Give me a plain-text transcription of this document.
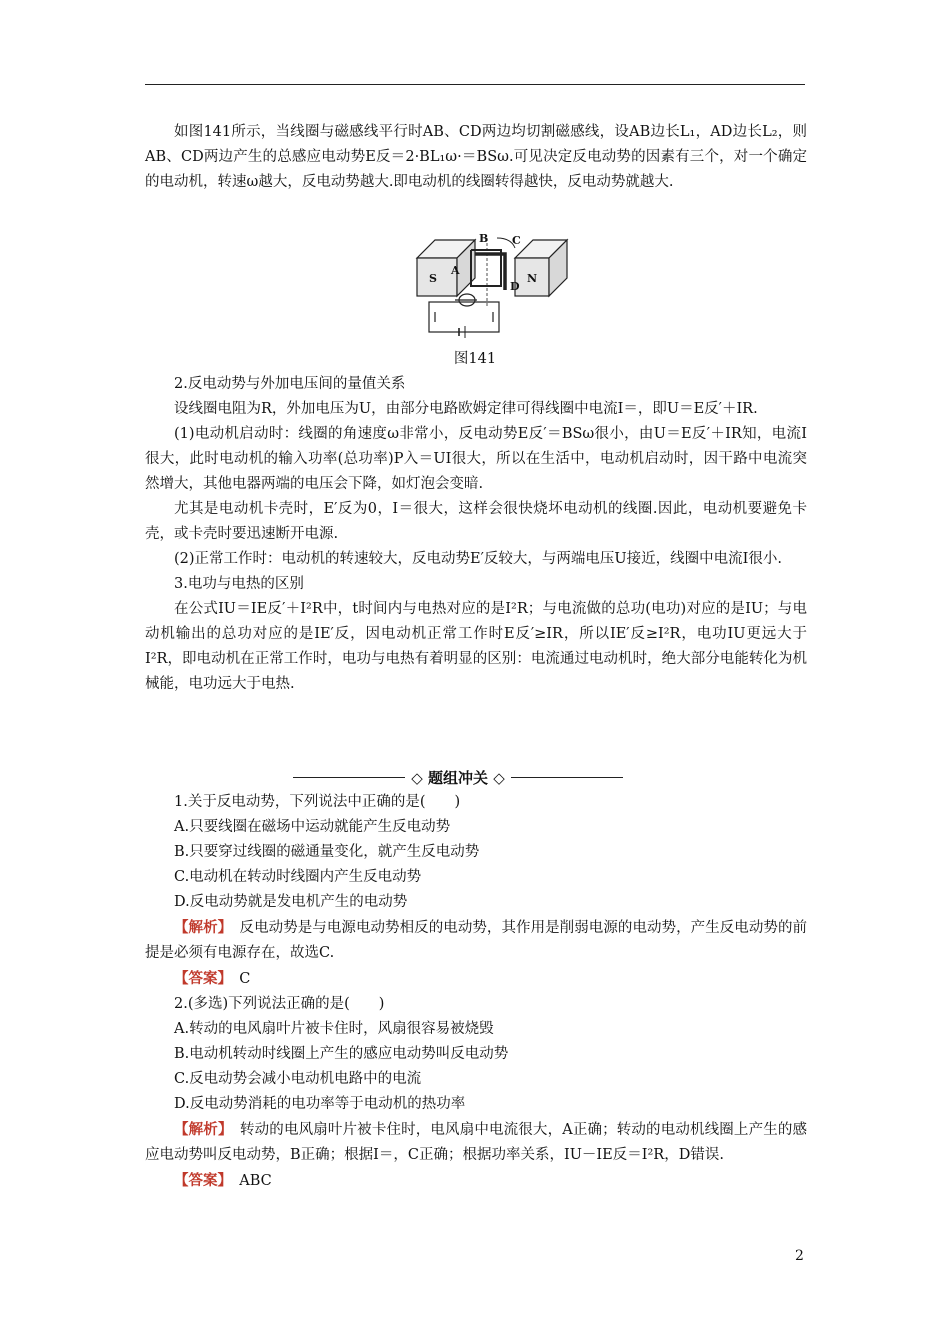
如图141所示，当线圈与磁感线平行时AB、CD两边均切割磁感线，设AB边长L₁，AD边长L₂，则AB、CD两边产生的总感应电动势E反＝2·BL₁ω·＝BSω.可见决定反电动势的因素有三个，对一个确定的电动机，转速ω越大，反电动势越大.即电动机的线圈转得越快，反电动势就越大.

S	N
A
B C
D
图141

2.反电动势与外加电压间的量值关系

设线圈电阻为R，外加电压为U，由部分电路欧姆定律可得线圈中电流I＝，即U＝E反′＋IR.

(1)电动机启动时：线圈的角速度ω非常小，反电动势E反′＝BSω很小，由U＝E反′＋IR知，电流I很大，此时电动机的输入功率(总功率)P入＝UI很大，所以在生活中，电动机启动时，因干路中电流突然增大，其他电器两端的电压会下降，如灯泡会变暗.

尤其是电动机卡壳时，E′反为0，I＝很大，这样会很快烧坏电动机的线圈.因此，电动机要避免卡壳，或卡壳时要迅速断开电源.

(2)正常工作时：电动机的转速较大，反电动势E′反较大，与两端电压U接近，线圈中电流I很小.

3.电功与电热的区别

在公式IU＝IE反′＋I²R中，t时间内与电热对应的是I²R；与电流做的总功(电功)对应的是IU；与电动机输出的总功对应的是IE′反，因电动机正常工作时E反′≥IR，所以IE′反≥I²R，电功IU更远大于I²R，即电动机在正常工作时，电功与电热有着明显的区别：电流通过电动机时，绝大部分电能转化为机械能，电功远大于电热.

◇ 题组冲关 ◇

1.关于反电动势，下列说法中正确的是(　　)

A.只要线圈在磁场中运动就能产生反电动势

B.只要穿过线圈的磁通量变化，就产生反电动势

C.电动机在转动时线圈内产生反电动势

D.反电动势就是发电机产生的电动势

【解析】　 反电动势是与电源电动势相反的电动势，其作用是削弱电源的电动势，产生反电动势的前提是必须有电源存在，故选C.

【答案】　 C

2.(多选)下列说法正确的是(　　)

A.转动的电风扇叶片被卡住时，风扇很容易被烧毁

B.电动机转动时线圈上产生的感应电动势叫反电动势

C.反电动势会减小电动机电路中的电流

D.反电动势消耗的电功率等于电动机的热功率

【解析】　 转动的电风扇叶片被卡住时，电风扇中电流很大，A正确；转动的电动机线圈上产生的感应电动势叫反电动势，B正确；根据I＝，C正确；根据功率关系，IU－IE反＝I²R，D错误.

【答案】　 ABC

2
